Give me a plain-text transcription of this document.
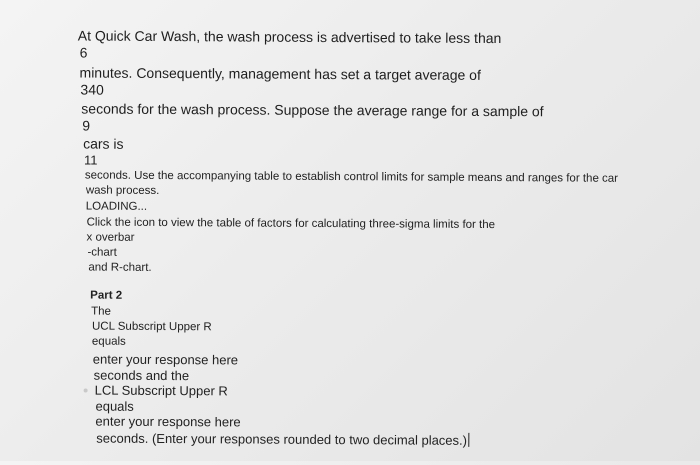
At Quick Car Wash, the wash process is advertised to take less than
6
minutes. Consequently, management has set a target average of
340
seconds for the wash process. Suppose the average range for a sample of
9
cars is
11
seconds. Use the accompanying table to establish control limits for sample means and ranges for the car
wash process.
LOADING...
Click the icon to view the table of factors for calculating three-sigma limits for the
x overbar
-chart
and R-chart.
Part 2
The
UCL Subscript Upper R
equals
enter your response here
seconds and the
LCL Subscript Upper R
equals
enter your response here
seconds. (Enter your responses rounded to two decimal places.)
